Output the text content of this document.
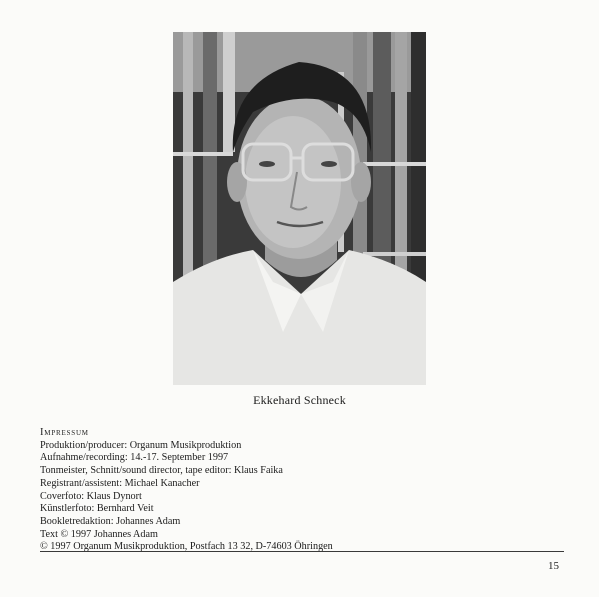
Ekkehard Schneck
Impressum
Produktion/producer: Organum Musikproduktion
Aufnahme/recording: 14.-17. September 1997
Tonmeister, Schnitt/sound director, tape editor: Klaus Faika
Registrant/assistent: Michael Kanacher
Coverfoto: Klaus Dynort
Künstlerfoto: Bernhard Veit
Bookletredaktion: Johannes Adam
Text © 1997 Johannes Adam
© 1997 Organum Musikproduktion, Postfach 13 32, D-74603 Öhringen
15
